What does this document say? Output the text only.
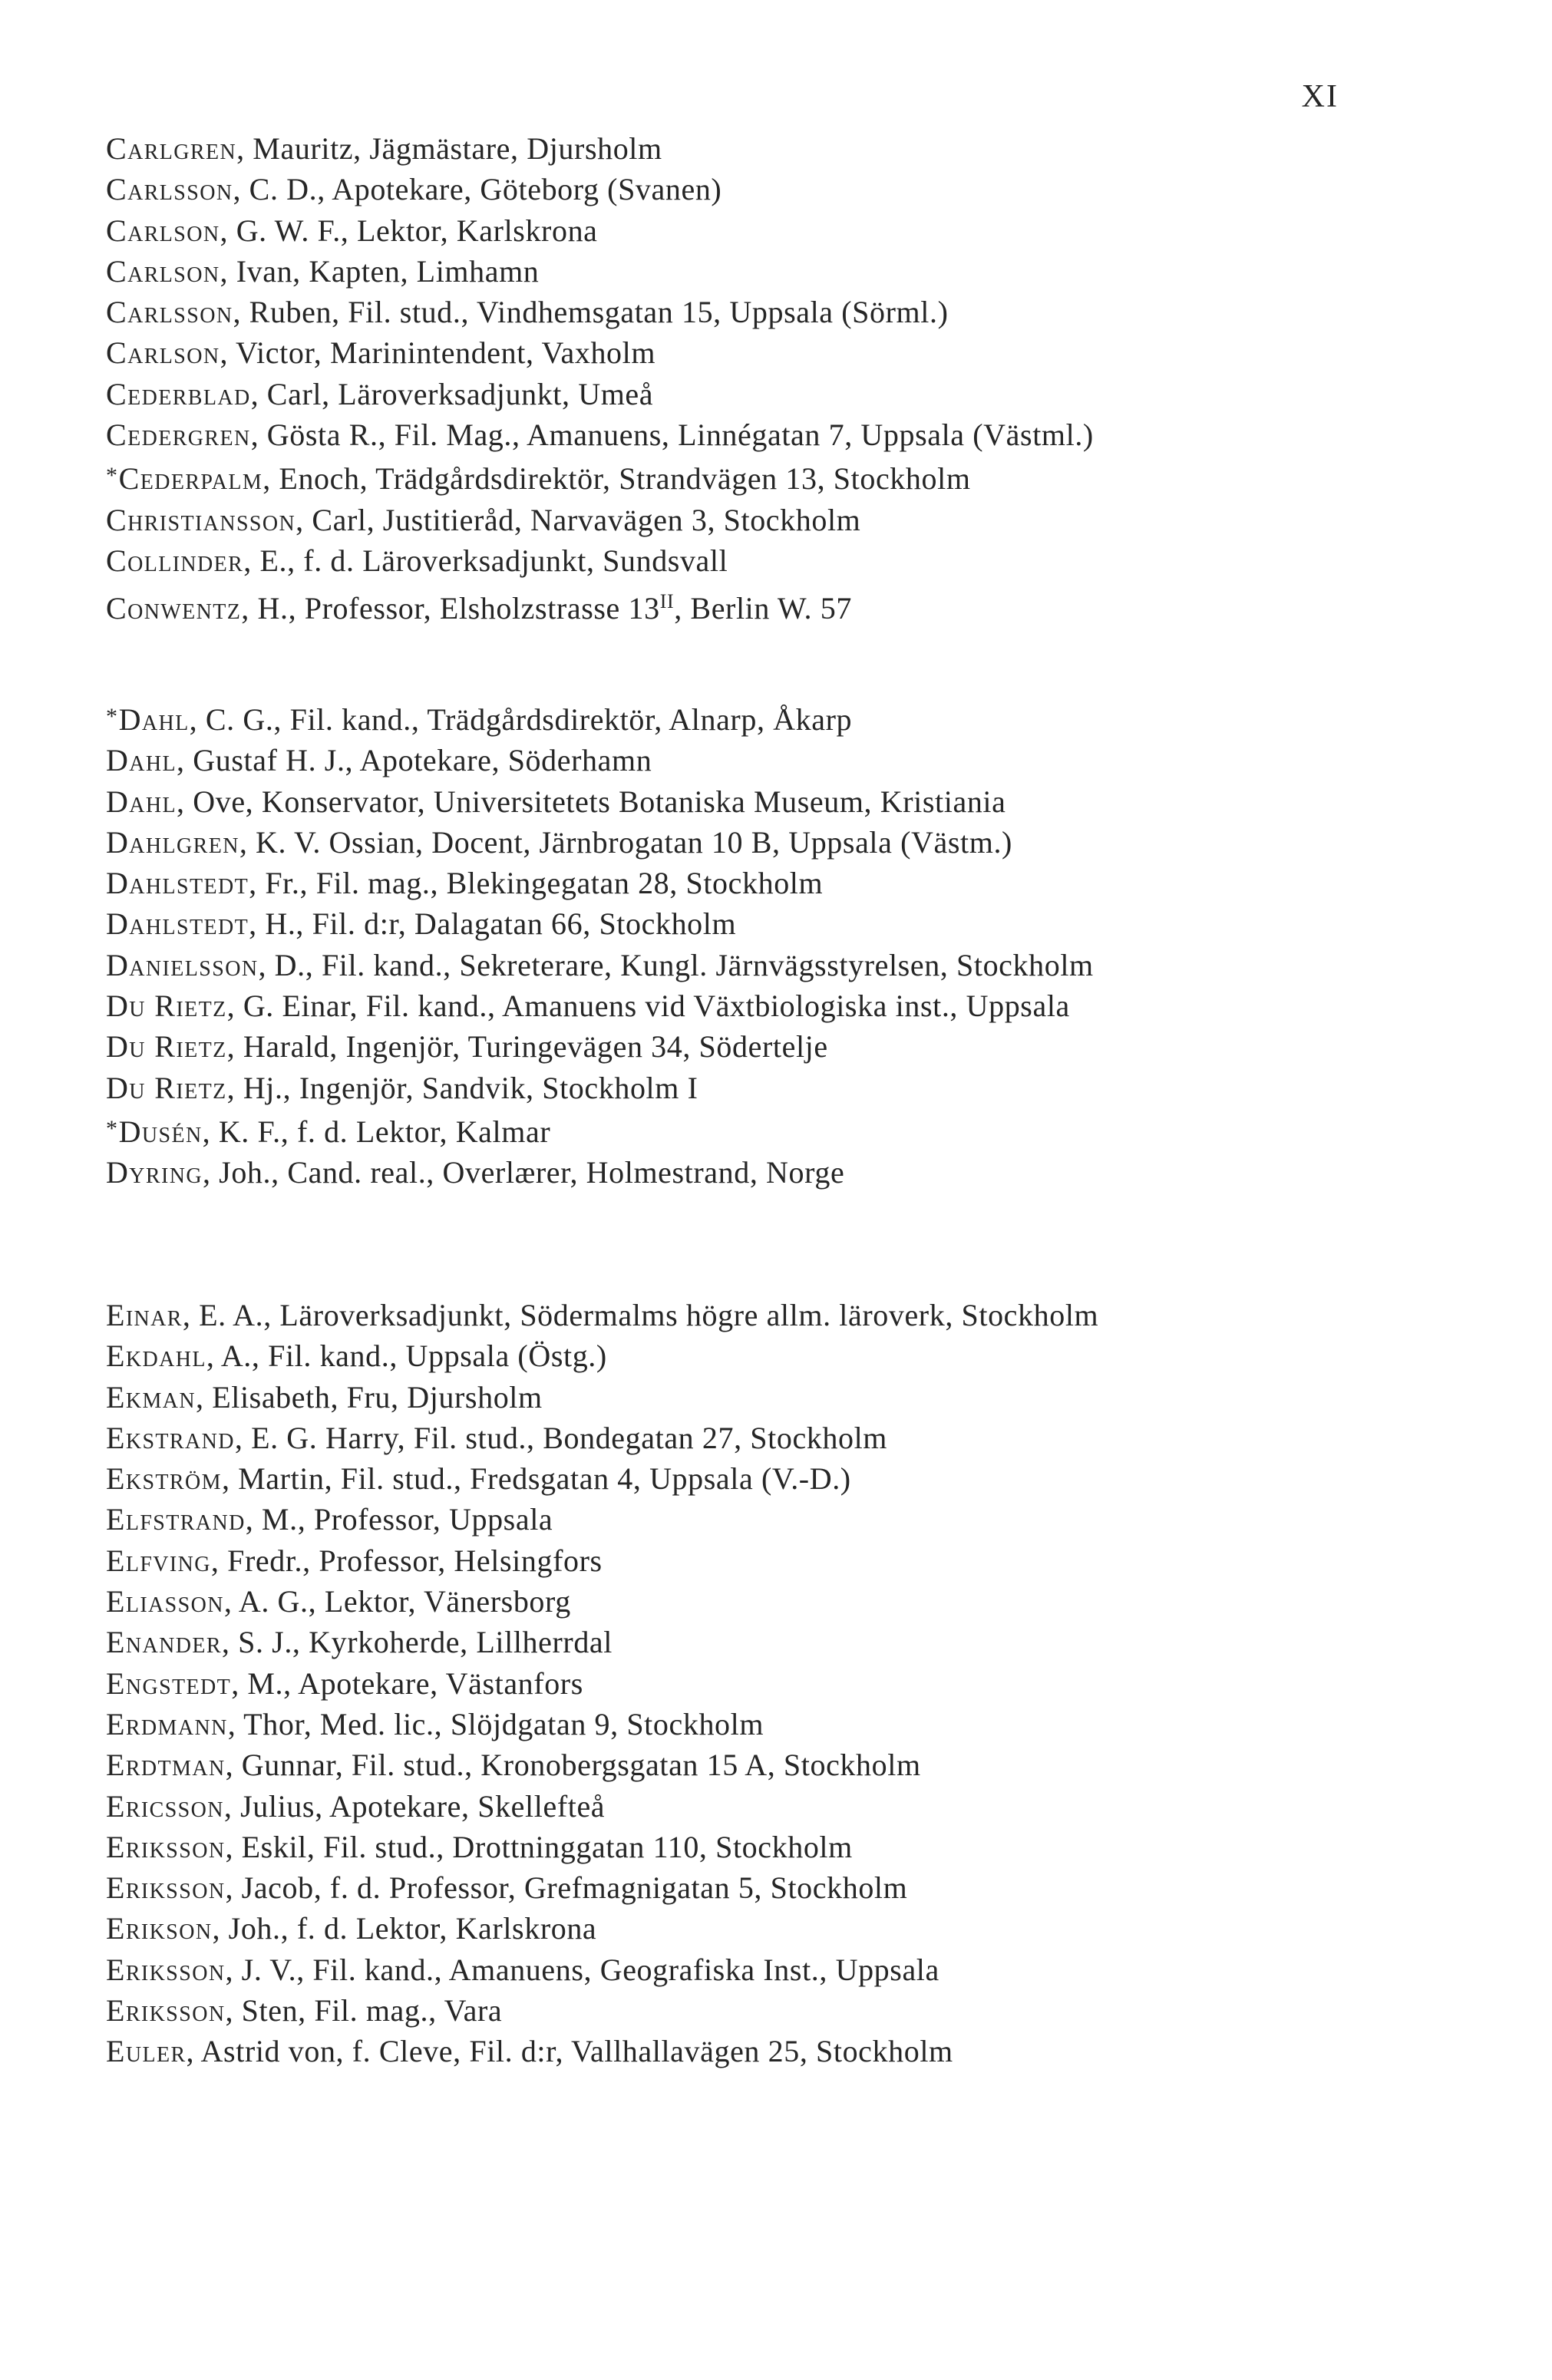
XI
Carlgren, Mauritz, Jägmästare, Djursholm
Carlsson, C. D., Apotekare, Göteborg (Svanen)
Carlson, G. W. F., Lektor, Karlskrona
Carlson, Ivan, Kapten, Limhamn
Carlsson, Ruben, Fil. stud., Vindhemsgatan 15, Uppsala (Sörml.)
Carlson, Victor, Marinintendent, Vaxholm
Cederblad, Carl, Läroverksadjunkt, Umeå
Cedergren, Gösta R., Fil. Mag., Amanuens, Linnégatan 7, Uppsala (Västml.)
*Cederpalm, Enoch, Trädgårdsdirektör, Strandvägen 13, Stockholm
Christiansson, Carl, Justitieråd, Narvavägen 3, Stockholm
Collinder, E., f. d. Läroverksadjunkt, Sundsvall
Conwentz, H., Professor, Elsholzstrasse $13^{II}$, Berlin W. 57
*Dahl, C. G., Fil. kand., Trädgårdsdirektör, Alnarp, Åkarp
Dahl, Gustaf H. J., Apotekare, Söderhamn
Dahl, Ove, Konservator, Universitetets Botaniska Museum, Kristiania
Dahlgren, K. V. Ossian, Docent, Järnbrogatan 10 B, Uppsala (Västm.)
Dahlstedt, Fr., Fil. mag., Blekingegatan 28, Stockholm
Dahlstedt, H., Fil. d:r, Dalagatan 66, Stockholm
Danielsson, D., Fil. kand., Sekreterare, Kungl. Järnvägsstyrelsen, Stockholm
Du Rietz, G. Einar, Fil. kand., Amanuens vid Växtbiologiska inst., Uppsala
Du Rietz, Harald, Ingenjör, Turingevägen 34, Södertelje
Du Rietz, Hj., Ingenjör, Sandvik, Stockholm I
*Dusén, K. F., f. d. Lektor, Kalmar
Dyring, Joh., Cand. real., Overlærer, Holmestrand, Norge
Einar, E. A., Läroverksadjunkt, Södermalms högre allm. läroverk, Stockholm
Ekdahl, A., Fil. kand., Uppsala (Östg.)
Ekman, Elisabeth, Fru, Djursholm
Ekstrand, E. G. Harry, Fil. stud., Bondegatan 27, Stockholm
Ekström, Martin, Fil. stud., Fredsgatan 4, Uppsala (V.-D.)
Elfstrand, M., Professor, Uppsala
Elfving, Fredr., Professor, Helsingfors
Eliasson, A. G., Lektor, Vänersborg
Enander, S. J., Kyrkoherde, Lillherrdal
Engstedt, M., Apotekare, Västanfors
Erdmann, Thor, Med. lic., Slöjdgatan 9, Stockholm
Erdtman, Gunnar, Fil. stud., Kronobergsgatan 15 A, Stockholm
Ericsson, Julius, Apotekare, Skellefteå
Eriksson, Eskil, Fil. stud., Drottninggatan 110, Stockholm
Eriksson, Jacob, f. d. Professor, Grefmagnigatan 5, Stockholm
Erikson, Joh., f. d. Lektor, Karlskrona
Eriksson, J. V., Fil. kand., Amanuens, Geografiska Inst., Uppsala
Eriksson, Sten, Fil. mag., Vara
Euler, Astrid von, f. Cleve, Fil. d:r, Vallhallavägen 25, Stockholm
